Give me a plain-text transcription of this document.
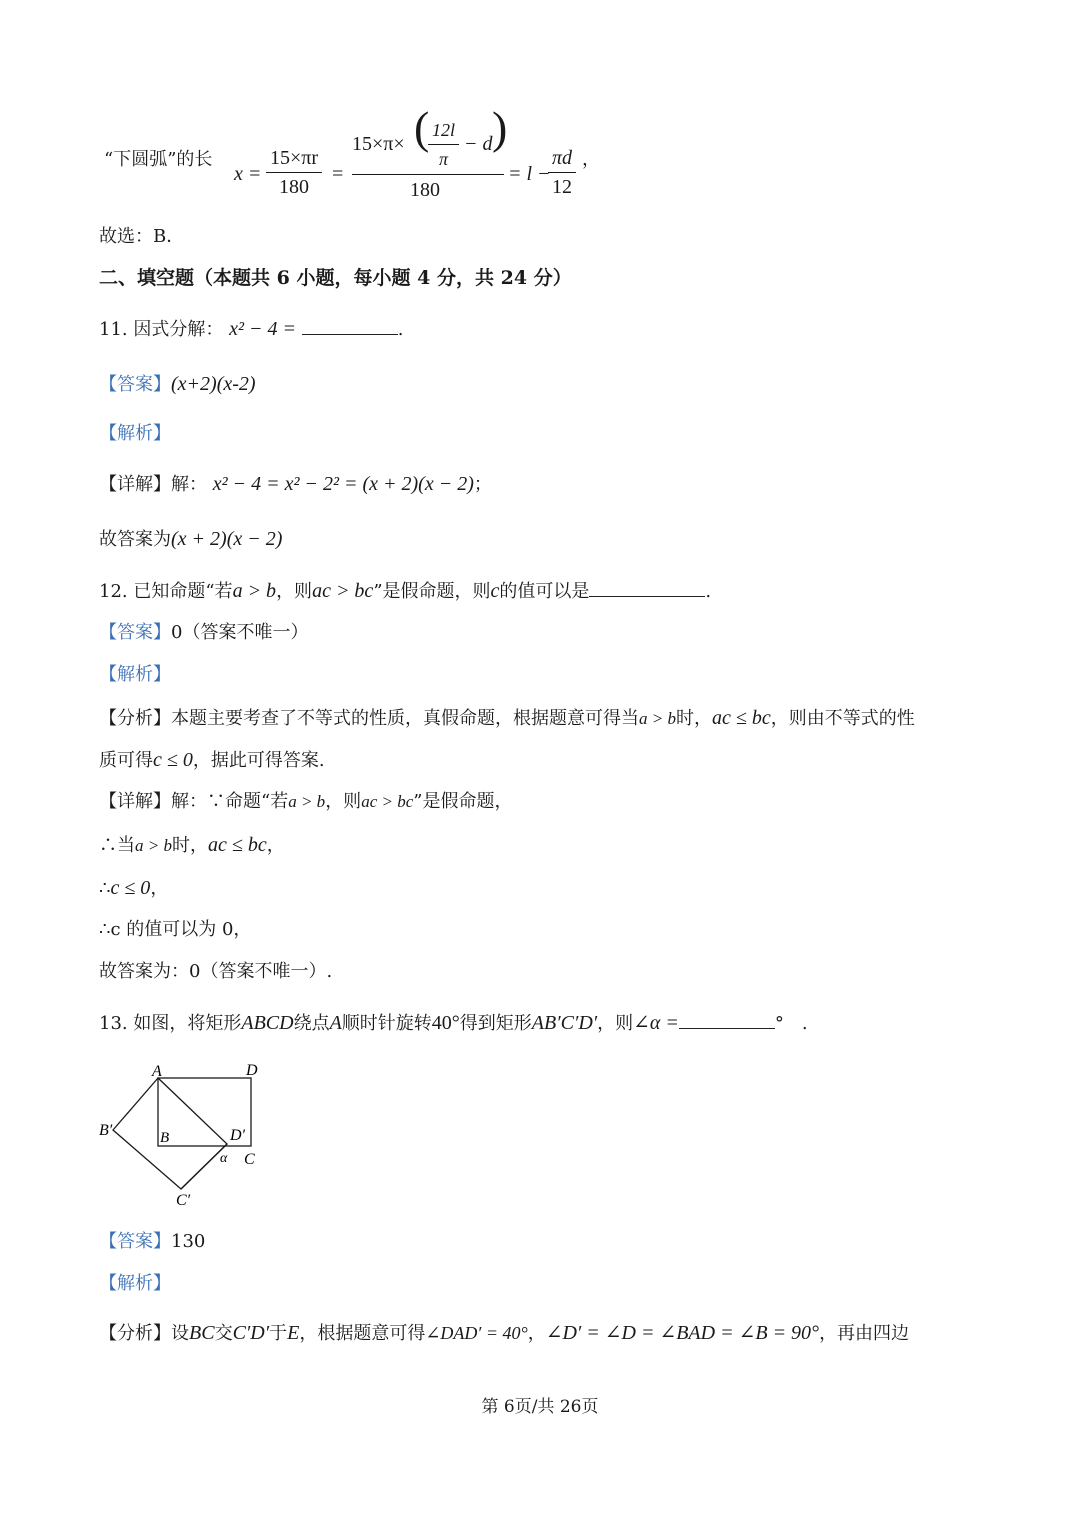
“下圆弧”的长
$x = \frac{15\times\pi r}{180}$ =
15×π× (
$\frac{12l}{\pi} - d$ )
180
= l −
$\frac{\pi d}{12}$ ，
故选：B．
二、填空题（本题共 6 小题，每小题 4 分，共 24 分）
11. 因式分解： x² − 4 =	.
【答案】(x+2)(x-2)
【解析】
【详解】解： x² − 4 = x² − 2² = (x + 2)(x − 2)；
故答案为(x + 2)(x − 2)
12. 已知命题“若a > b，则ac > bc”是假命题，则c的值可以是	.
【答案】0（答案不唯一）
【解析】
【分析】本题主要考查了不等式的性质，真假命题，根据题意可得当a > b时，ac ≤ bc，则由不等式的性
质可得c ≤ 0，据此可得答案.
【详解】解：∵命题“若a > b，则ac > bc”是假命题，
∴当a > b时，ac ≤ bc，
∴c ≤ 0，
∴c 的值可以为 0，
故答案为：0（答案不唯一）.
13. 如图，将矩形ABCD绕点A顺时针旋转40°得到矩形AB′C′D′，则∠α =	°　.
A	D
B′	B	D′
α C
C′
【答案】130
【解析】
【分析】设BC交C′D′于E，根据题意可得∠DAD′ = 40°，∠D′ = ∠D = ∠BAD = ∠B = 90°，再由四边
第 6页/共 26页
